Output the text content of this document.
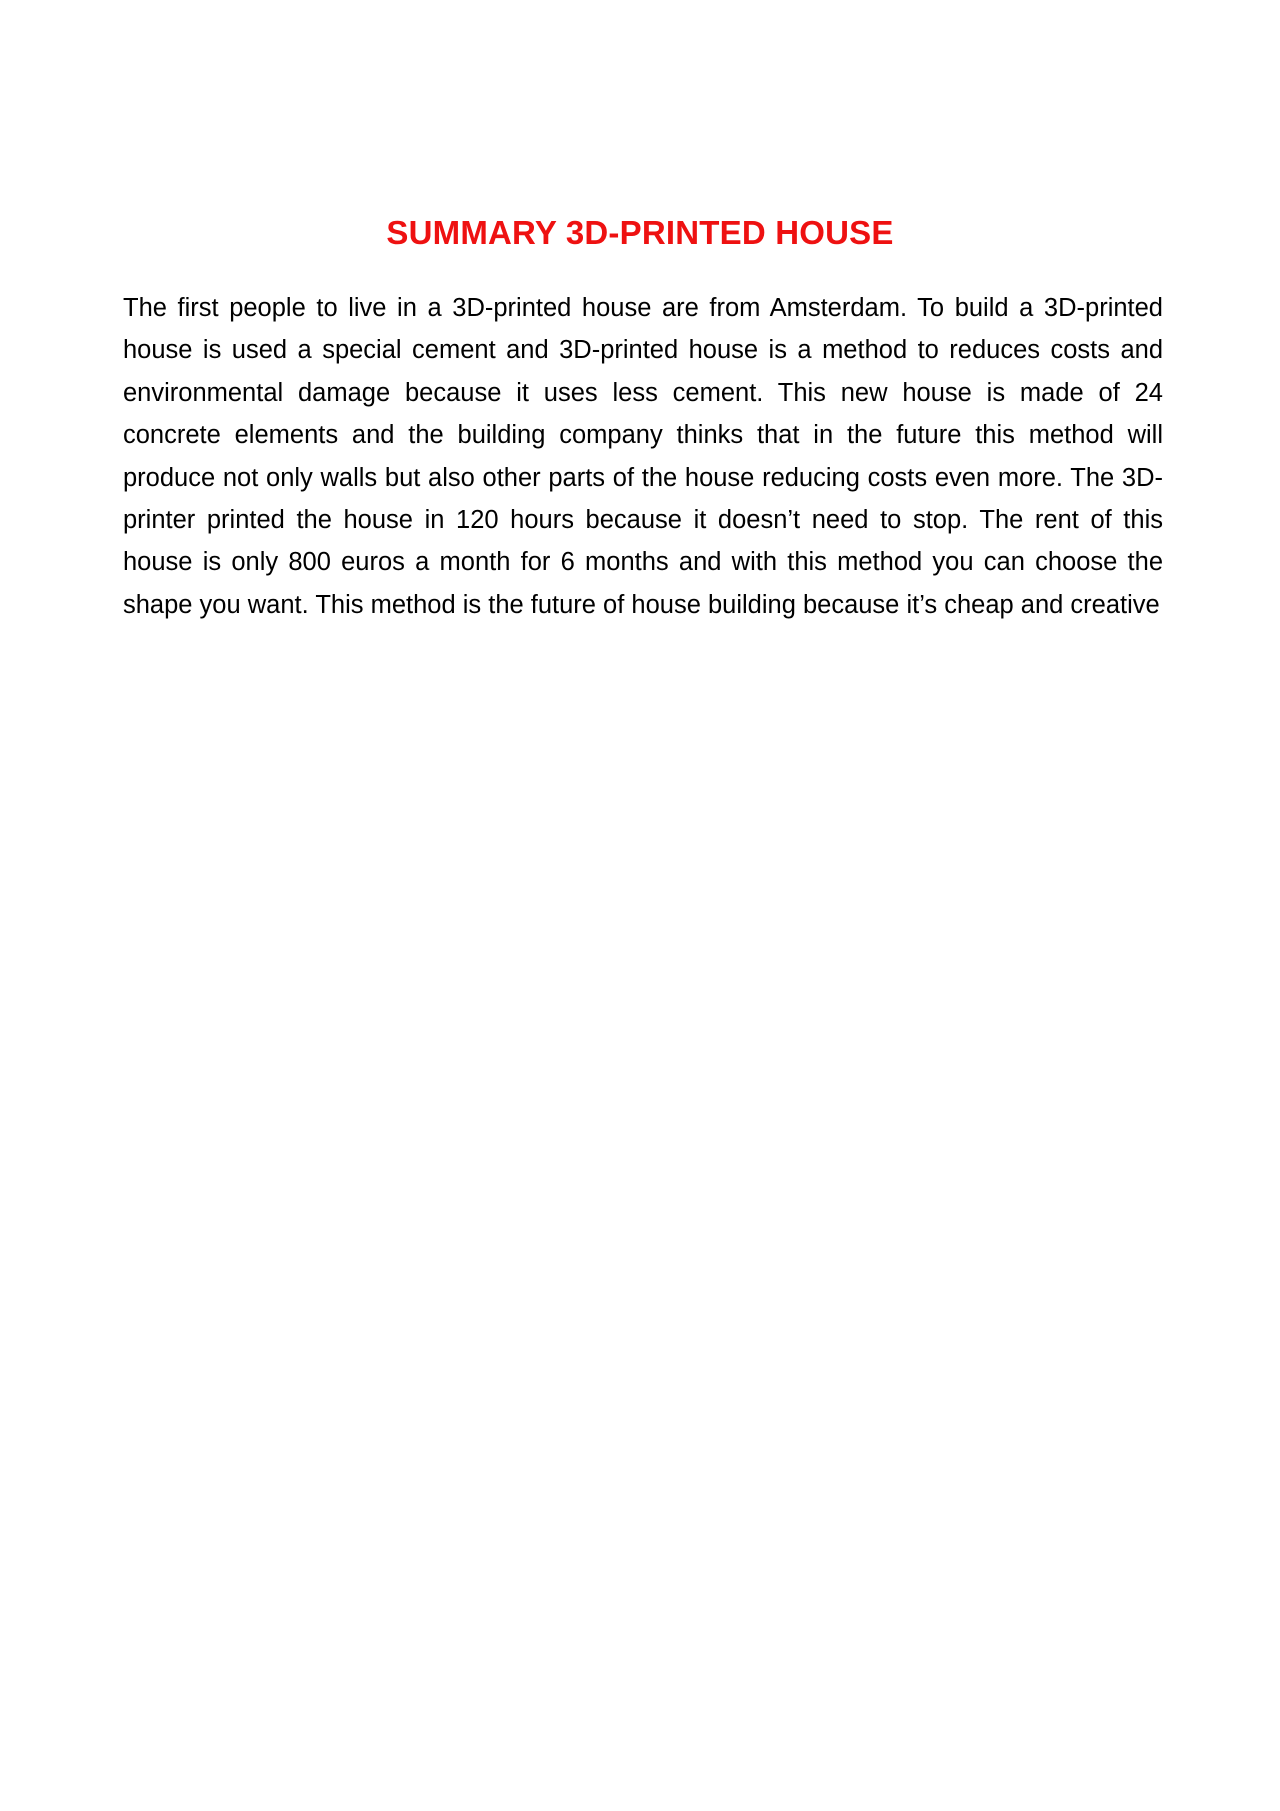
SUMMARY 3D-PRINTED HOUSE

The first people to live in a 3D-printed house are from Amsterdam. To build a 3D-printed house is used a special cement and 3D-printed house is a method to reduces costs and environmental damage because it uses less cement. This new house is made of 24 concrete elements and the building company thinks that in the future this method will produce not only walls but also other parts of the house reducing costs even more. The 3D-printer printed the house in 120 hours because it doesn’t need to stop. The rent of this house is only 800 euros a month for 6 months and with this method you can choose the shape you want. This method is the future of house building because it’s cheap and creative
